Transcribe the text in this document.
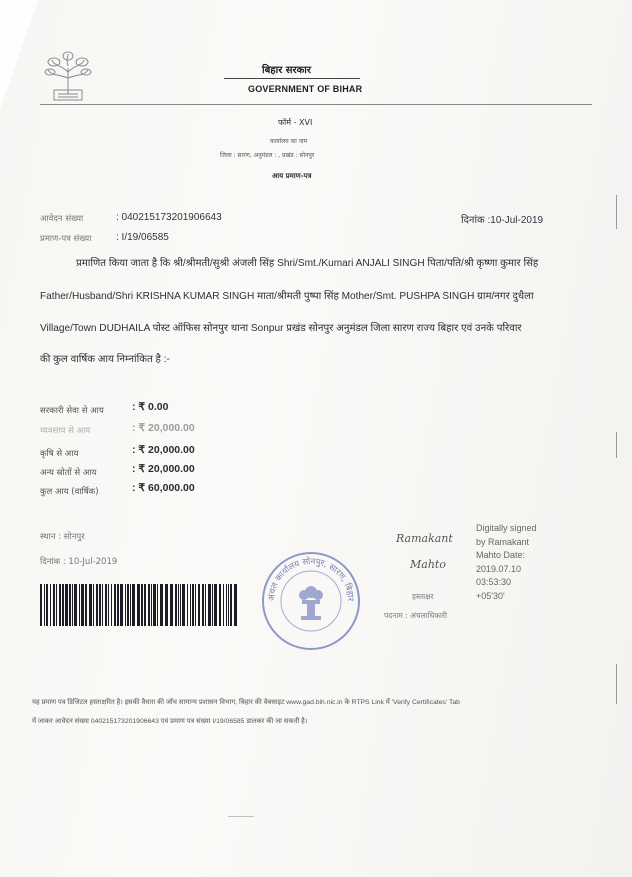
बिहार सरकार
GOVERNMENT OF BIHAR
फॉर्म - XVI
कार्यालय का नाम
जिला : सारण, अनुमंडल : , प्रखंड : सोनपुर
आय प्रमाण-पत्र
आवेदन संख्या	: 040215173201906643	दिनांक :10-Jul-2019
प्रमाण-पत्र संख्या : I/19/06585
प्रमाणित किया जाता है कि श्री/श्रीमती/सुश्री अंजली सिंह Shri/Smt./Kumari ANJALI SINGH पिता/पति/श्री कृष्णा कुमार सिंह
Father/Husband/Shri KRISHNA KUMAR SINGH माता/श्रीमती पुष्पा सिंह Mother/Smt. PUSHPA SINGH ग्राम/नगर दुधैला
Village/Town DUDHAILA पोस्ट ऑफिस सोनपुर थाना Sonpur प्रखंड सोनपुर अनुमंडल जिला सारण राज्य बिहार एवं उनके परिवार
की कुल वार्षिक आय निम्नांकित है :-
सरकारी सेवा से आय	: ₹ 0.00
व्यवसाय से आय	: ₹ 20,000.00
कृषि से आय	: ₹ 20,000.00
अन्य स्रोतों से आय	: ₹ 20,000.00
कुल आय (वार्षिक)	: ₹ 60,000.00
स्थान : सोनपुर
दिनांक : 10-Jul-2019
अंचल कार्यालय सोनपुर, सारण, बिहार
Ramakant
Mahto
हस्ताक्षर
पदनाम : अंचलाधिकारी
Digitally signed
by Ramakant
Mahto Date:
2019.07.10
03:53:30
+05'30'
यह प्रमाण पत्र डिजिटल हस्ताक्षरित है। इसकी वैधता की जाँच सामान्य प्रशासन विभाग, बिहार की वेबसाइट www.gad.bih.nic.in के RTPS Link में 'Verify Certificates' Tab
में जाकर आवेदन संख्या 040215173201906643 एवं प्रमाण पत्र संख्या I/19/06585 डालकर की जा सकती है।
